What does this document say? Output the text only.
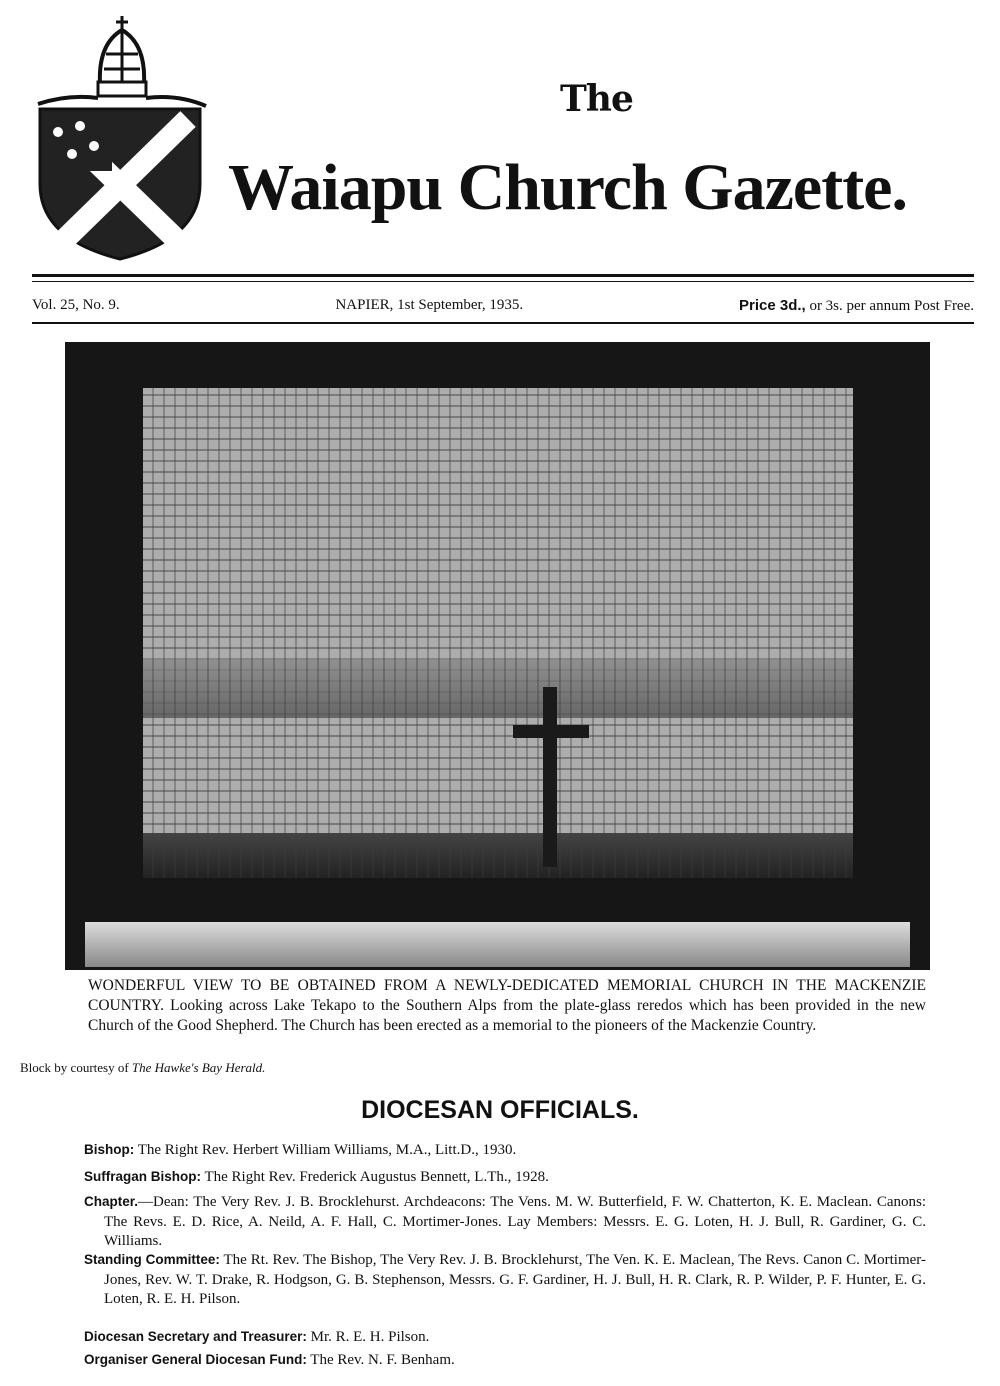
The
Waiapu Church Gazette.
Vol. 25, No. 9.	NAPIER, 1st September, 1935.	Price 3d., or 3s. per annum Post Free.
WONDERFUL VIEW TO BE OBTAINED FROM A NEWLY-DEDICATED MEMORIAL CHURCH IN THE MACKENZIE COUNTRY. Looking across Lake Tekapo to the Southern Alps from the plate-glass reredos which has been provided in the new Church of the Good Shepherd. The Church has been erected as a memorial to the pioneers of the Mackenzie Country.
Block by courtesy of The Hawke's Bay Herald.
DIOCESAN OFFICIALS.
Bishop: The Right Rev. Herbert William Williams, M.A., Litt.D., 1930.
Suffragan Bishop: The Right Rev. Frederick Augustus Bennett, L.Th., 1928.
Chapter.—Dean: The Very Rev. J. B. Brocklehurst. Archdeacons: The Vens. M. W. Butterfield, F. W. Chatterton, K. E. Maclean. Canons: The Revs. E. D. Rice, A. Neild, A. F. Hall, C. Mortimer-Jones. Lay Members: Messrs. E. G. Loten, H. J. Bull, R. Gardiner, G. C. Williams.
Standing Committee: The Rt. Rev. The Bishop, The Very Rev. J. B. Brocklehurst, The Ven. K. E. Maclean, The Revs. Canon C. Mortimer-Jones, Rev. W. T. Drake, R. Hodgson, G. B. Stephenson, Messrs. G. F. Gardiner, H. J. Bull, H. R. Clark, R. P. Wilder, P. F. Hunter, E. G. Loten, R. E. H. Pilson.
Diocesan Secretary and Treasurer: Mr. R. E. H. Pilson.
Organiser General Diocesan Fund: The Rev. N. F. Benham.
